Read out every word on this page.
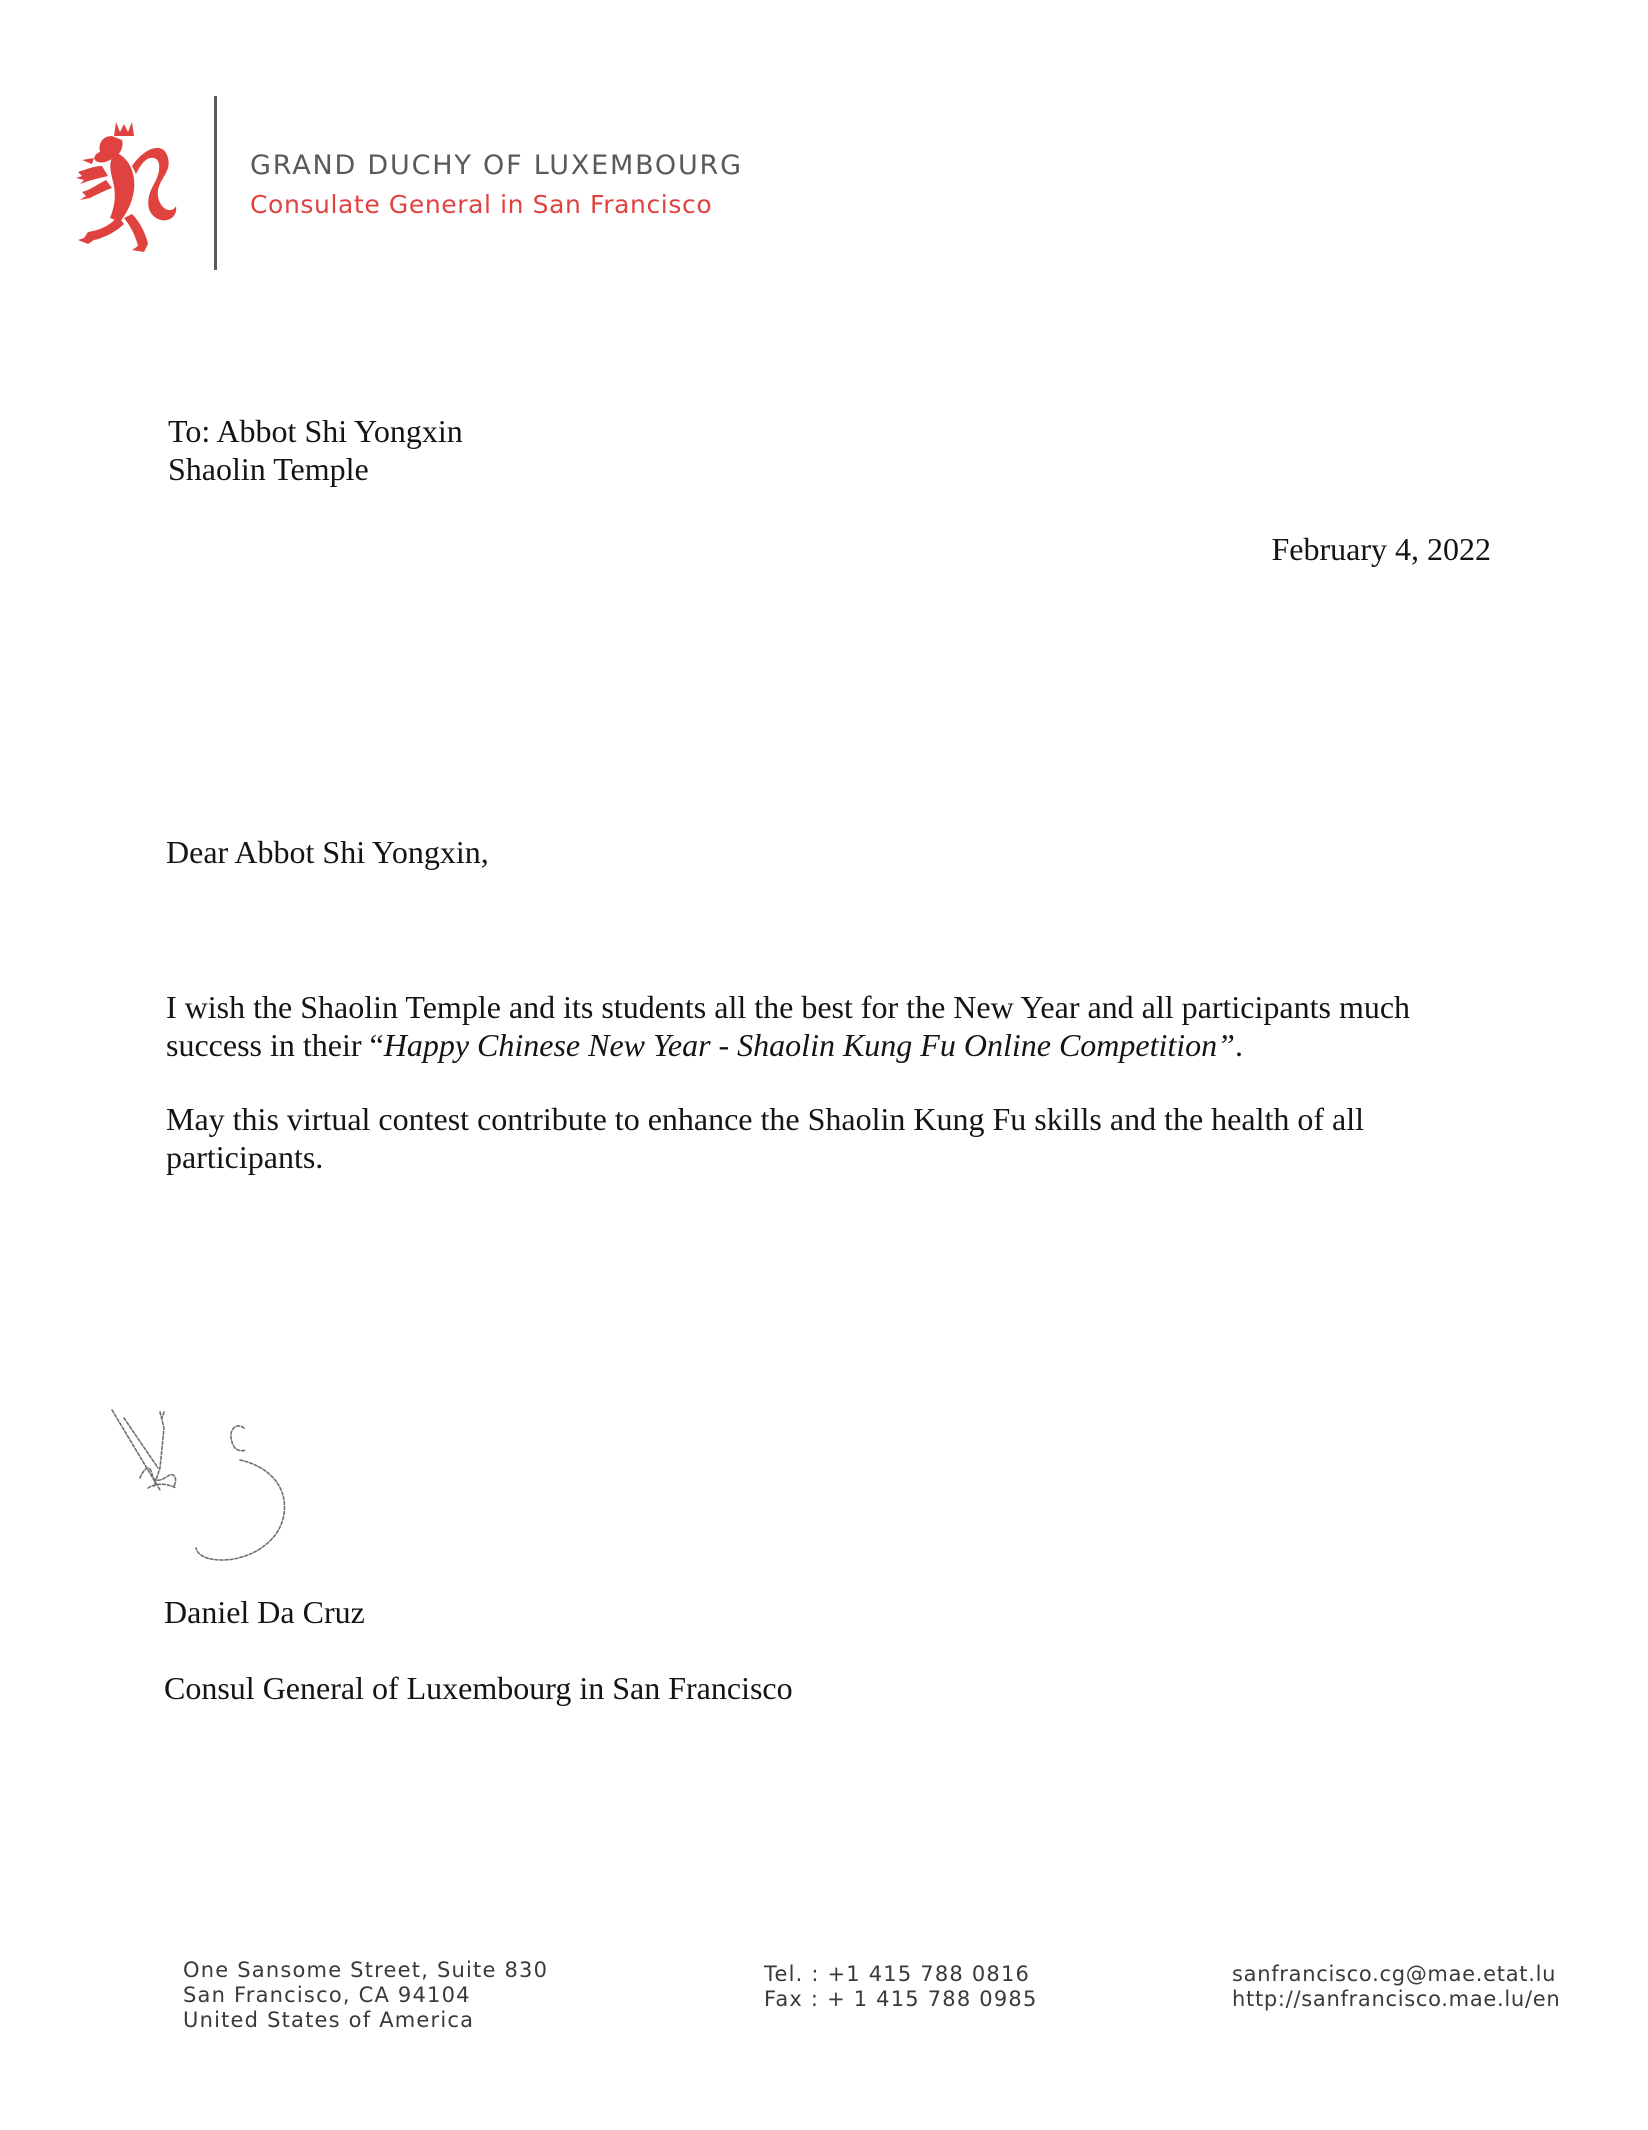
GRAND DUCHY OF LUXEMBOURG
Consulate General in San Francisco
To: Abbot Shi Yongxin
Shaolin Temple
February 4, 2022
Dear Abbot Shi Yongxin,
I wish the Shaolin Temple and its students all the best for the New Year and all participants much
success in their “Happy Chinese New Year - Shaolin Kung Fu Online Competition”.
May this virtual contest contribute to enhance the Shaolin Kung Fu skills and the health of all
participants.
Daniel Da Cruz
Consul General of Luxembourg in San Francisco
One Sansome Street, Suite 830
San Francisco, CA 94104
United States of America
Tel. : +1 415 788 0816
Fax : + 1 415 788 0985
sanfrancisco.cg@mae.etat.lu
http://sanfrancisco.mae.lu/en
